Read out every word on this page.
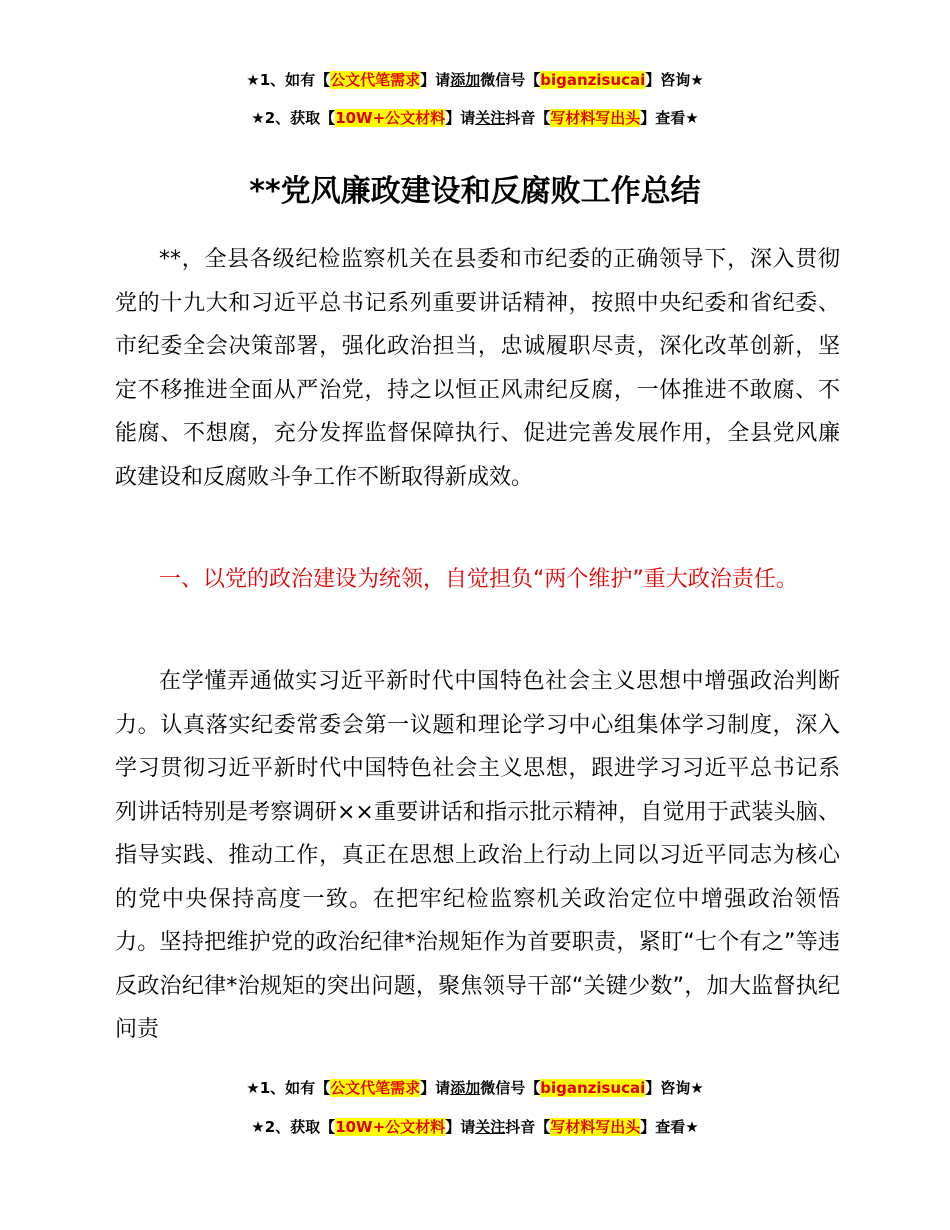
★1、如有【公文代笔需求】请添加微信号【biganzisucai】咨询★
★2、获取【10W+公文材料】请关注抖音【写材料写出头】查看★
**党风廉政建设和反腐败工作总结

**，全县各级纪检监察机关在县委和市纪委的正确领导下，深入贯彻党的十九大和习近平总书记系列重要讲话精神，按照中央纪委和省纪委、市纪委全会决策部署，强化政治担当，忠诚履职尽责，深化改革创新，坚定不移推进全面从严治党，持之以恒正风肃纪反腐，一体推进不敢腐、不能腐、不想腐，充分发挥监督保障执行、促进完善发展作用，全县党风廉政建设和反腐败斗争工作不断取得新成效。

一、以党的政治建设为统领，自觉担负“两个维护”重大政治责任。

在学懂弄通做实习近平新时代中国特色社会主义思想中增强政治判断力。认真落实纪委常委会第一议题和理论学习中心组集体学习制度，深入学习贯彻习近平新时代中国特色社会主义思想，跟进学习习近平总书记系列讲话特别是考察调研××重要讲话和指示批示精神，自觉用于武装头脑、指导实践、推动工作，真正在思想上政治上行动上同以习近平同志为核心的党中央保持高度一致。在把牢纪检监察机关政治定位中增强政治领悟力。坚持把维护党的政治纪律*治规矩作为首要职责，紧盯“七个有之”等违反政治纪律*治规矩的突出问题，聚焦领导干部“关键少数”，加大监督执纪问责

★1、如有【公文代笔需求】请添加微信号【biganzisucai】咨询★
★2、获取【10W+公文材料】请关注抖音【写材料写出头】查看★
